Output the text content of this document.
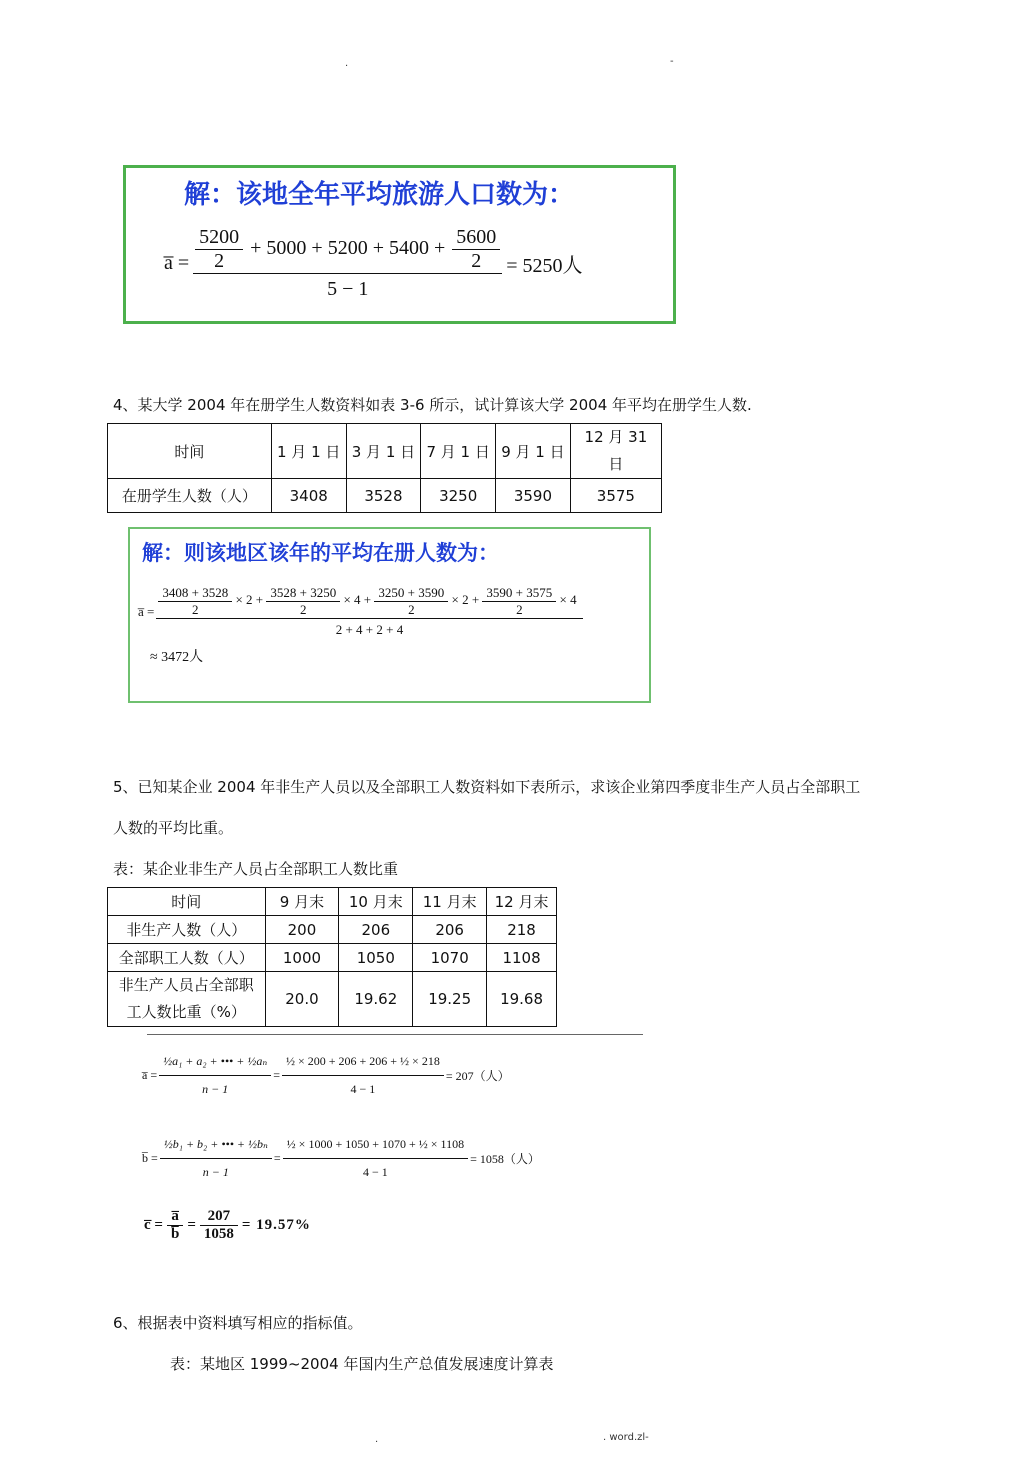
.	-
解：该地全年平均旅游人口数为：
a̅ = $\frac{5200}{2} + 5000 + 5200 + 5400 + \frac{5600}{2}$
5 − 1
= 5250人
4、某大学 2004 年在册学生人数资料如表 3-6 所示，试计算该大学 2004 年平均在册学生人数.
时间	1 月 1 日	3 月 1 日	7 月 1 日	9 月 1 日	12 月 31 日
在册学生人数（人）	3408	3528	3250	3590	3575
解：则该地区该年的平均在册人数为：
a̅ = $\frac{3408 + 3528}{2} \times 2 + \frac{3528 + 3250}{2} \times 4 + \frac{3250 + 3590}{2} \times 2 + \frac{3590 + 3575}{2} \times 4$
2 + 4 + 2 + 4
≈ 3472人
5、已知某企业 2004 年非生产人员以及全部职工人数资料如下表所示，求该企业第四季度非生产人员占全部职工
人数的平均比重。
表：某企业非生产人员占全部职工人数比重
时间	9 月末	10 月末	11 月末	12 月末
非生产人数（人）	200	206	206	218
全部职工人数（人）	1000	1050	1070	1108
非生产人员占全部职工人数比重（%）	20.0	19.62	19.25	19.68
a̅ = $\frac{\text{½a₁ + a₂ + ••• + ½aₙ}}{n - 1} = \frac{\text{½ × 200 + 206 + 206 + ½ × 218}}{4 - 1} = 207$（人）
b̅ = $\frac{\text{½b₁ + b₂ + ••• + ½bₙ}}{n - 1} = \frac{\text{½ × 1000 + 1050 + 1070 + ½ × 1108}}{4 - 1} = 1058$（人）
c̅ = $\frac{a̅}{b̅} = \frac{207}{1058} = 19.57\%$
6、根据表中资料填写相应的指标值。
表：某地区 1999~2004 年国内生产总值发展速度计算表
.	. word.zl-
